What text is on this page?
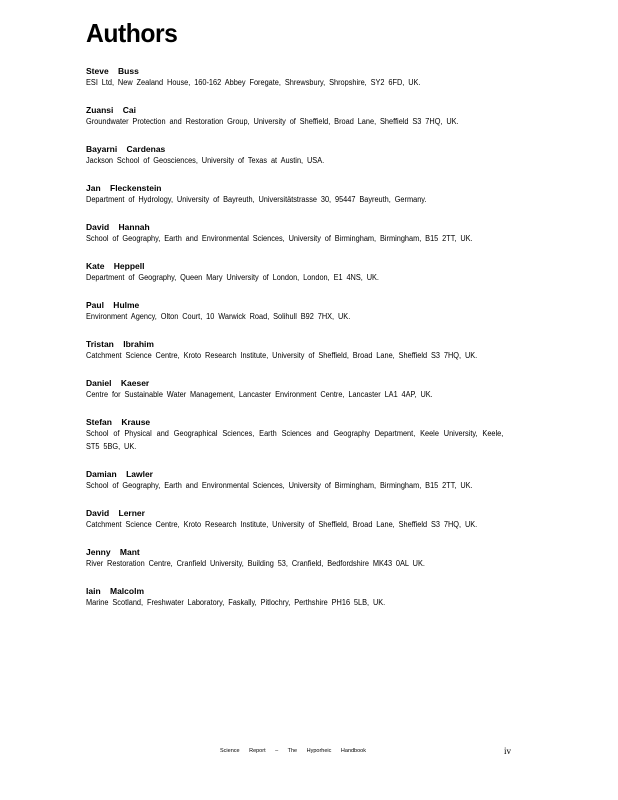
Authors
Steve Buss
ESI Ltd, New Zealand House, 160-162 Abbey Foregate, Shrewsbury, Shropshire, SY2 6FD, UK.
Zuansi Cai
Groundwater Protection and Restoration Group, University of Sheffield, Broad Lane, Sheffield S3 7HQ, UK.
Bayarni Cardenas
Jackson School of Geosciences, University of Texas at Austin, USA.
Jan Fleckenstein
Department of Hydrology, University of Bayreuth, Universitätstrasse 30, 95447 Bayreuth, Germany.
David Hannah
School of Geography, Earth and Environmental Sciences, University of Birmingham, Birmingham, B15 2TT, UK.
Kate Heppell
Department of Geography, Queen Mary University of London, London, E1 4NS, UK.
Paul Hulme
Environment Agency, Olton Court, 10 Warwick Road, Solihull B92 7HX, UK.
Tristan Ibrahim
Catchment Science Centre, Kroto Research Institute, University of Sheffield, Broad Lane, Sheffield S3 7HQ, UK.
Daniel Kaeser
Centre for Sustainable Water Management, Lancaster Environment Centre, Lancaster LA1 4AP, UK.
Stefan Krause
School of Physical and Geographical Sciences, Earth Sciences and Geography Department, Keele University, Keele, ST5 5BG, UK.
Damian Lawler
School of Geography, Earth and Environmental Sciences, University of Birmingham, Birmingham, B15 2TT, UK.
David Lerner
Catchment Science Centre, Kroto Research Institute, University of Sheffield, Broad Lane, Sheffield S3 7HQ, UK.
Jenny Mant
River Restoration Centre, Cranfield University, Building 53, Cranfield, Bedfordshire MK43 0AL UK.
Iain Malcolm
Marine Scotland, Freshwater Laboratory, Faskally, Pitlochry, Perthshire PH16 5LB, UK.
Science Report – The Hyporheic Handbook	iv
